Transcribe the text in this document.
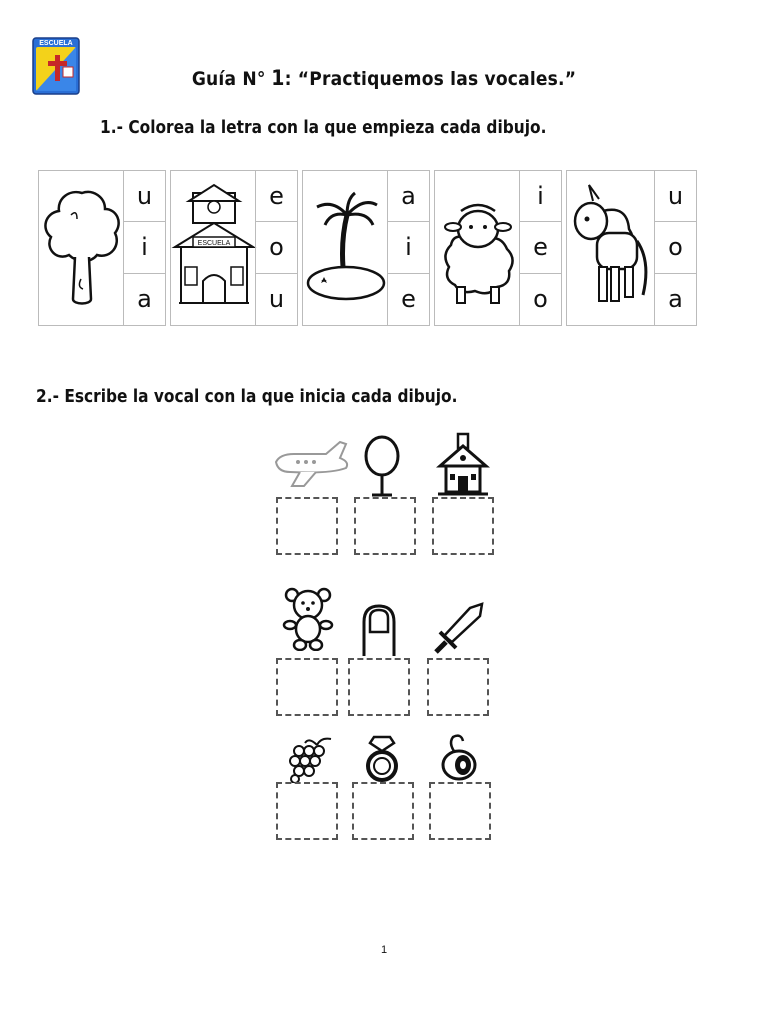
ESCUELA
Guía N° 1: “Practiquemos las vocales.”
1.- Colorea la letra con la que empieza cada dibujo.
u
i
a
ESCUELA
e
o
u
a
i
e
i
e
o
u
o
a
2.- Escribe la vocal con la que inicia cada dibujo.
1
